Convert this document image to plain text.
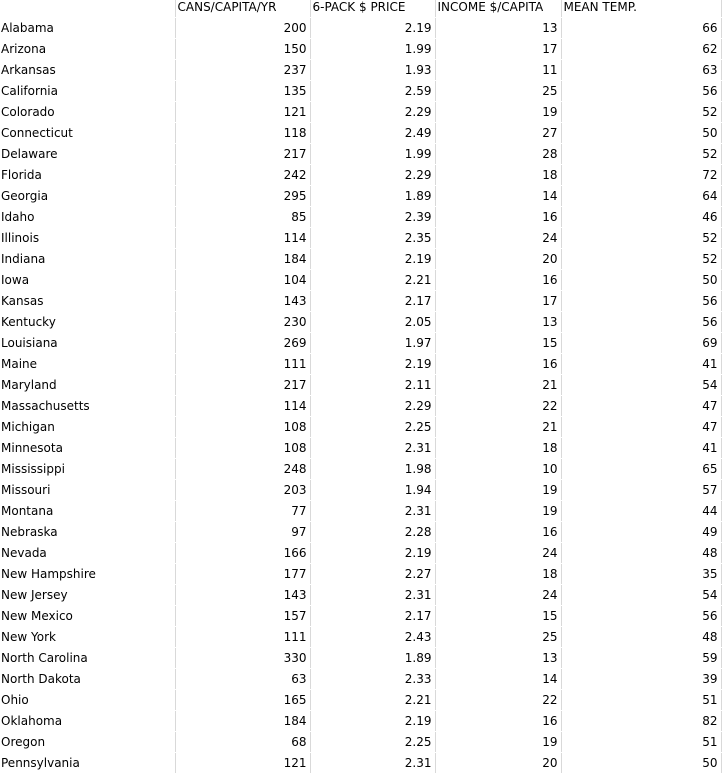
	CANS/CAPITA/YR	6-PACK $ PRICE	INCOME $/CAPITA	MEAN TEMP.
Alabama	200	2.19	13	66
Arizona	150	1.99	17	62
Arkansas	237	1.93	11	63
California	135	2.59	25	56
Colorado	121	2.29	19	52
Connecticut	118	2.49	27	50
Delaware	217	1.99	28	52
Florida	242	2.29	18	72
Georgia	295	1.89	14	64
Idaho	85	2.39	16	46
Illinois	114	2.35	24	52
Indiana	184	2.19	20	52
Iowa	104	2.21	16	50
Kansas	143	2.17	17	56
Kentucky	230	2.05	13	56
Louisiana	269	1.97	15	69
Maine	111	2.19	16	41
Maryland	217	2.11	21	54
Massachusetts	114	2.29	22	47
Michigan	108	2.25	21	47
Minnesota	108	2.31	18	41
Mississippi	248	1.98	10	65
Missouri	203	1.94	19	57
Montana	77	2.31	19	44
Nebraska	97	2.28	16	49
Nevada	166	2.19	24	48
New Hampshire	177	2.27	18	35
New Jersey	143	2.31	24	54
New Mexico	157	2.17	15	56
New York	111	2.43	25	48
North Carolina	330	1.89	13	59
North Dakota	63	2.33	14	39
Ohio	165	2.21	22	51
Oklahoma	184	2.19	16	82
Oregon	68	2.25	19	51
Pennsylvania	121	2.31	20	50
